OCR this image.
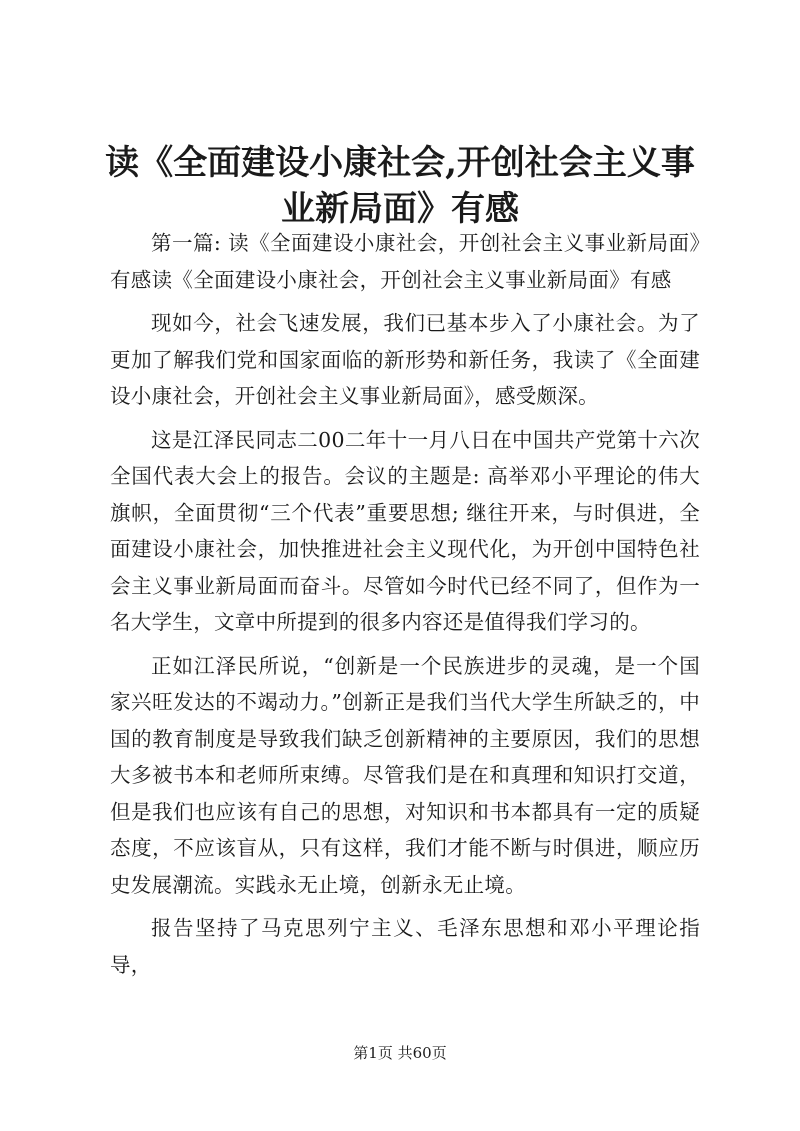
读《全面建设小康社会,开创社会主义事业新局面》有感

第一篇: 读《全面建设小康社会，开创社会主义事业新局面》有感读《全面建设小康社会，开创社会主义事业新局面》有感

现如今，社会飞速发展，我们已基本步入了小康社会。为了更加了解我们党和国家面临的新形势和新任务，我读了《全面建设小康社会，开创社会主义事业新局面》，感受颇深。

这是江泽民同志二00二年十一月八日在中国共产党第十六次全国代表大会上的报告。会议的主题是: 高举邓小平理论的伟大旗帜，全面贯彻“三个代表”重要思想; 继往开来，与时俱进，全面建设小康社会，加快推进社会主义现代化，为开创中国特色社会主义事业新局面而奋斗。尽管如今时代已经不同了，但作为一名大学生，文章中所提到的很多内容还是值得我们学习的。

正如江泽民所说，“创新是一个民族进步的灵魂，是一个国家兴旺发达的不竭动力。”创新正是我们当代大学生所缺乏的，中国的教育制度是导致我们缺乏创新精神的主要原因，我们的思想大多被书本和老师所束缚。尽管我们是在和真理和知识打交道，但是我们也应该有自己的思想，对知识和书本都具有一定的质疑态度，不应该盲从，只有这样，我们才能不断与时俱进，顺应历史发展潮流。实践永无止境，创新永无止境。

报告坚持了马克思列宁主义、毛泽东思想和邓小平理论指导，

第1页 共60页
